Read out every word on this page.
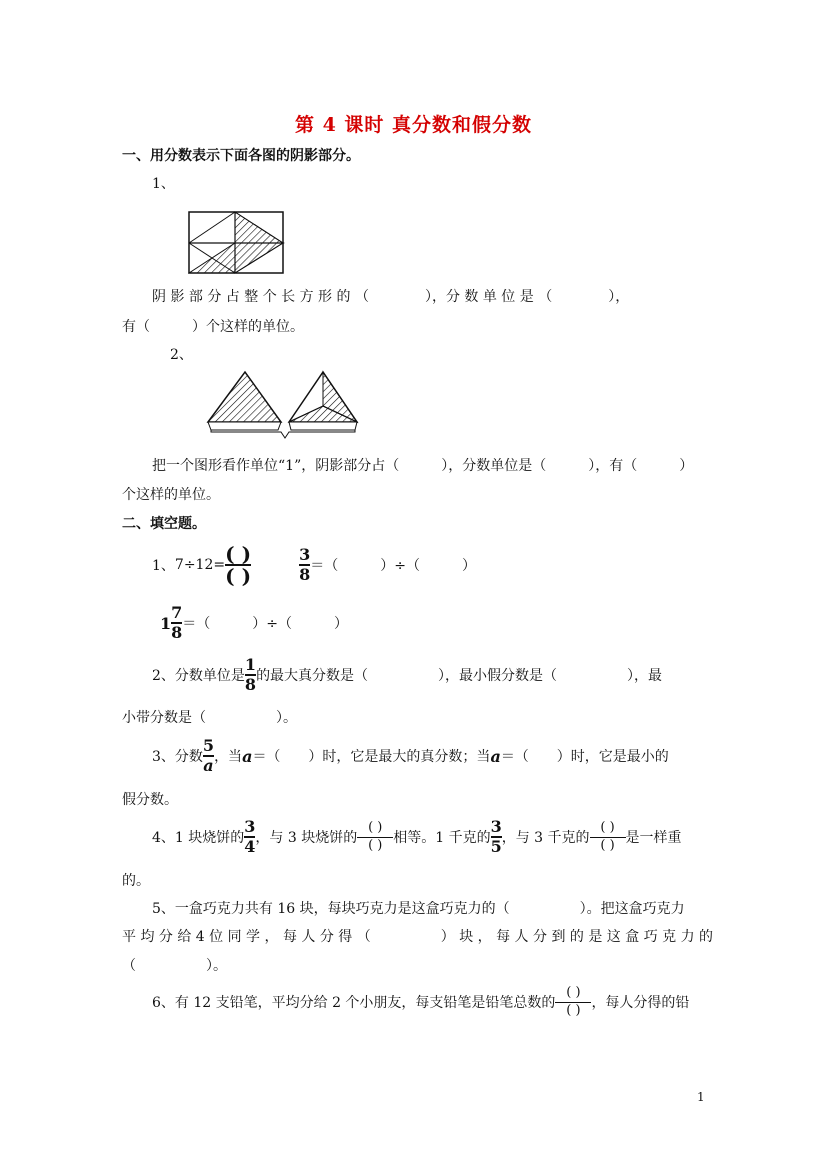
第 4 课时 真分数和假分数
一、用分数表示下面各图的阴影部分。
1、
阴 影 部 分 占 整 个 长 方 形 的 （　　　　），分 数 单 位 是 （　　　　），
有（　　　）个这样的单位。
2、
把一个图形看作单位“1”，阴影部分占（　　　），分数单位是（　　　），有（　　　）
个这样的单位。
二、填空题。
1、 7÷12= ( )
( )	$\frac{3}{8}$ ＝（　　　）÷（　　　）
$1 \frac{7}{8}$ ＝（　　　）÷（　　　）
2、分数单位是 $\frac{1}{8}$ 的最大真分数是（　　　　　），最小假分数是（　　　　　），最
小带分数是（　　　　　）。
3、分数 $\frac{5}{a}$ ，当 a ＝（　　）时，它是最大的真分数；当 a ＝（　　）时，它是最小的
假分数。
4、1 块烧饼的 $\frac{3}{4}$ ，与 3 块烧饼的
( )
( ) 相等。1 千克的 $\frac{3}{5}$ ，与 3 千克的
( )
( ) 是一样重
的。
5、一盒巧克力共有 16 块，每块巧克力是这盒巧克力的（　　　　　）。把这盒巧克力
平 均 分 给 4 位 同 学 ， 每 人 分 得 （　　　　　） 块 ， 每 人 分 到 的 是 这 盒 巧 克 力 的
（　　　　　）。
6、有 12 支铅笔，平均分给 2 个小朋友，每支铅笔是铅笔总数的
( )
( ) ，每人分得的铅
1
